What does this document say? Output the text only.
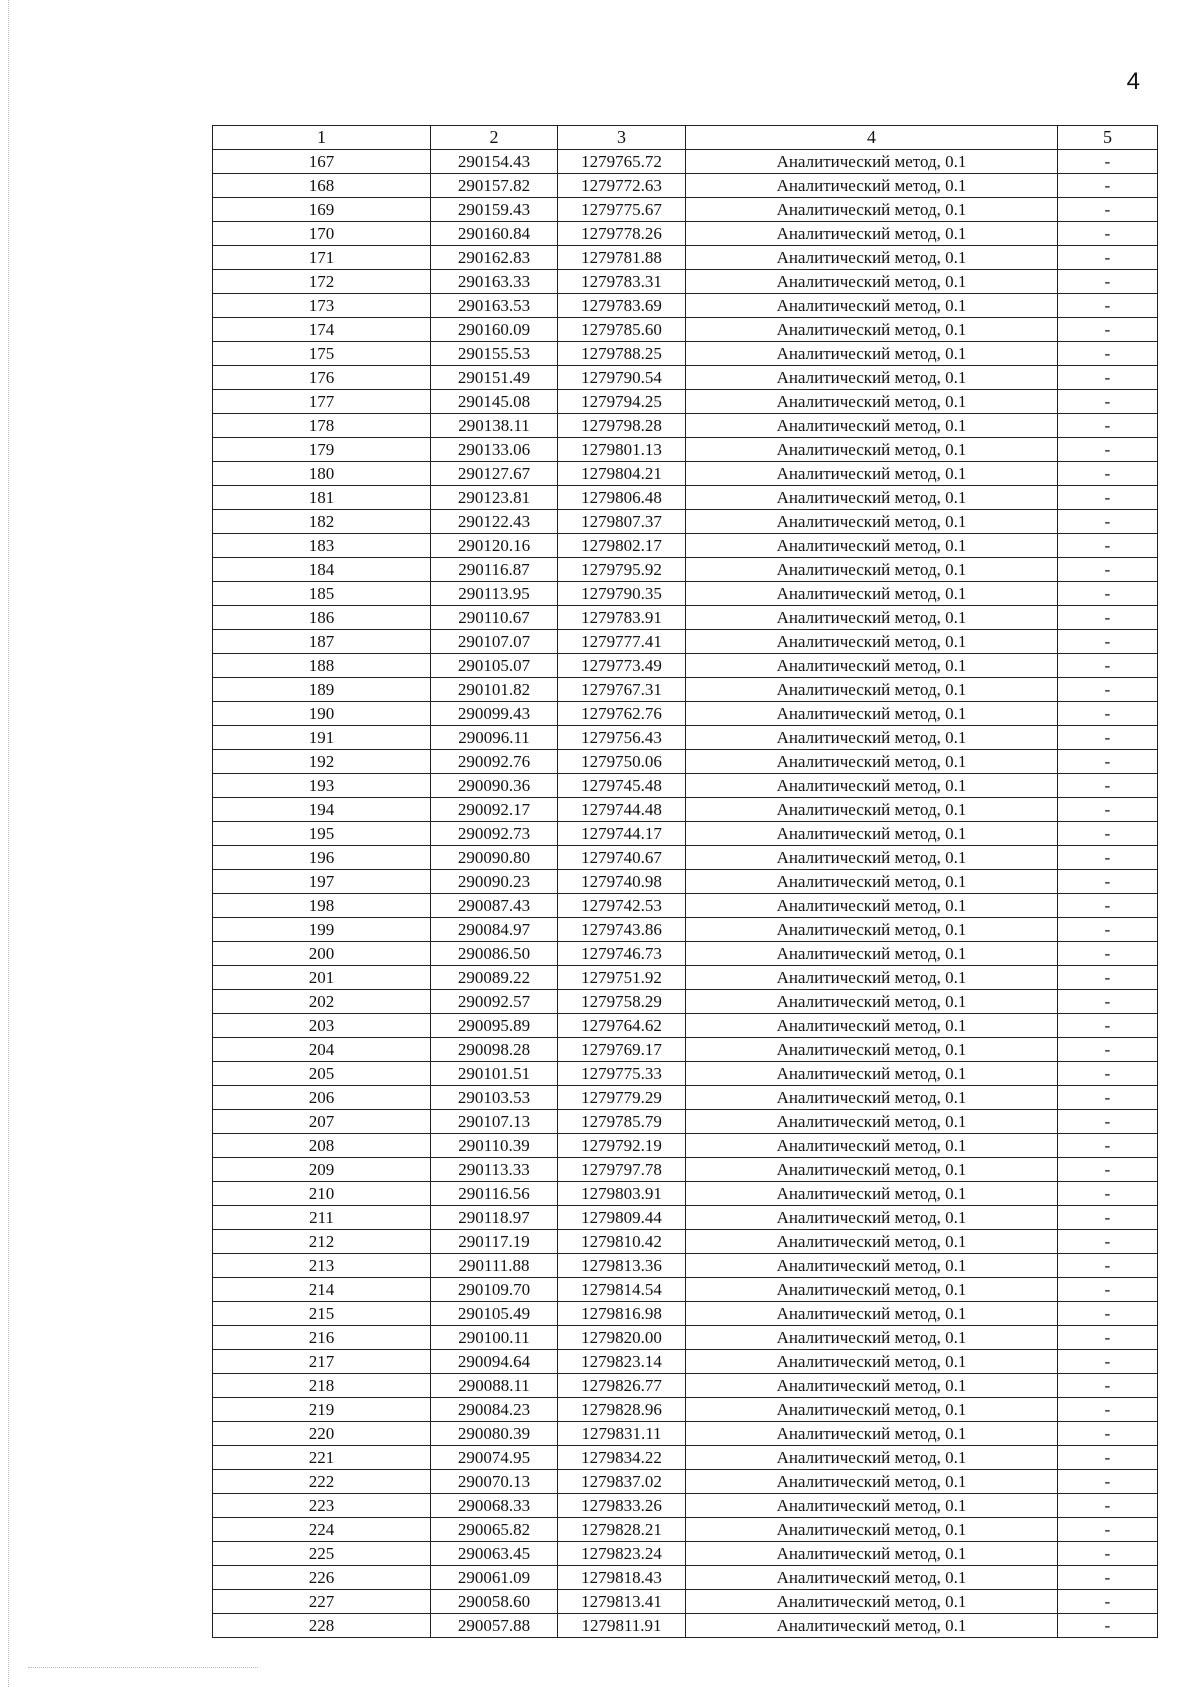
4
1	2	3	4	5
167	290154.43	1279765.72	Аналитический метод, 0.1	-
168	290157.82	1279772.63	Аналитический метод, 0.1	-
169	290159.43	1279775.67	Аналитический метод, 0.1	-
170	290160.84	1279778.26	Аналитический метод, 0.1	-
171	290162.83	1279781.88	Аналитический метод, 0.1	-
172	290163.33	1279783.31	Аналитический метод, 0.1	-
173	290163.53	1279783.69	Аналитический метод, 0.1	-
174	290160.09	1279785.60	Аналитический метод, 0.1	-
175	290155.53	1279788.25	Аналитический метод, 0.1	-
176	290151.49	1279790.54	Аналитический метод, 0.1	-
177	290145.08	1279794.25	Аналитический метод, 0.1	-
178	290138.11	1279798.28	Аналитический метод, 0.1	-
179	290133.06	1279801.13	Аналитический метод, 0.1	-
180	290127.67	1279804.21	Аналитический метод, 0.1	-
181	290123.81	1279806.48	Аналитический метод, 0.1	-
182	290122.43	1279807.37	Аналитический метод, 0.1	-
183	290120.16	1279802.17	Аналитический метод, 0.1	-
184	290116.87	1279795.92	Аналитический метод, 0.1	-
185	290113.95	1279790.35	Аналитический метод, 0.1	-
186	290110.67	1279783.91	Аналитический метод, 0.1	-
187	290107.07	1279777.41	Аналитический метод, 0.1	-
188	290105.07	1279773.49	Аналитический метод, 0.1	-
189	290101.82	1279767.31	Аналитический метод, 0.1	-
190	290099.43	1279762.76	Аналитический метод, 0.1	-
191	290096.11	1279756.43	Аналитический метод, 0.1	-
192	290092.76	1279750.06	Аналитический метод, 0.1	-
193	290090.36	1279745.48	Аналитический метод, 0.1	-
194	290092.17	1279744.48	Аналитический метод, 0.1	-
195	290092.73	1279744.17	Аналитический метод, 0.1	-
196	290090.80	1279740.67	Аналитический метод, 0.1	-
197	290090.23	1279740.98	Аналитический метод, 0.1	-
198	290087.43	1279742.53	Аналитический метод, 0.1	-
199	290084.97	1279743.86	Аналитический метод, 0.1	-
200	290086.50	1279746.73	Аналитический метод, 0.1	-
201	290089.22	1279751.92	Аналитический метод, 0.1	-
202	290092.57	1279758.29	Аналитический метод, 0.1	-
203	290095.89	1279764.62	Аналитический метод, 0.1	-
204	290098.28	1279769.17	Аналитический метод, 0.1	-
205	290101.51	1279775.33	Аналитический метод, 0.1	-
206	290103.53	1279779.29	Аналитический метод, 0.1	-
207	290107.13	1279785.79	Аналитический метод, 0.1	-
208	290110.39	1279792.19	Аналитический метод, 0.1	-
209	290113.33	1279797.78	Аналитический метод, 0.1	-
210	290116.56	1279803.91	Аналитический метод, 0.1	-
211	290118.97	1279809.44	Аналитический метод, 0.1	-
212	290117.19	1279810.42	Аналитический метод, 0.1	-
213	290111.88	1279813.36	Аналитический метод, 0.1	-
214	290109.70	1279814.54	Аналитический метод, 0.1	-
215	290105.49	1279816.98	Аналитический метод, 0.1	-
216	290100.11	1279820.00	Аналитический метод, 0.1	-
217	290094.64	1279823.14	Аналитический метод, 0.1	-
218	290088.11	1279826.77	Аналитический метод, 0.1	-
219	290084.23	1279828.96	Аналитический метод, 0.1	-
220	290080.39	1279831.11	Аналитический метод, 0.1	-
221	290074.95	1279834.22	Аналитический метод, 0.1	-
222	290070.13	1279837.02	Аналитический метод, 0.1	-
223	290068.33	1279833.26	Аналитический метод, 0.1	-
224	290065.82	1279828.21	Аналитический метод, 0.1	-
225	290063.45	1279823.24	Аналитический метод, 0.1	-
226	290061.09	1279818.43	Аналитический метод, 0.1	-
227	290058.60	1279813.41	Аналитический метод, 0.1	-
228	290057.88	1279811.91	Аналитический метод, 0.1	-
